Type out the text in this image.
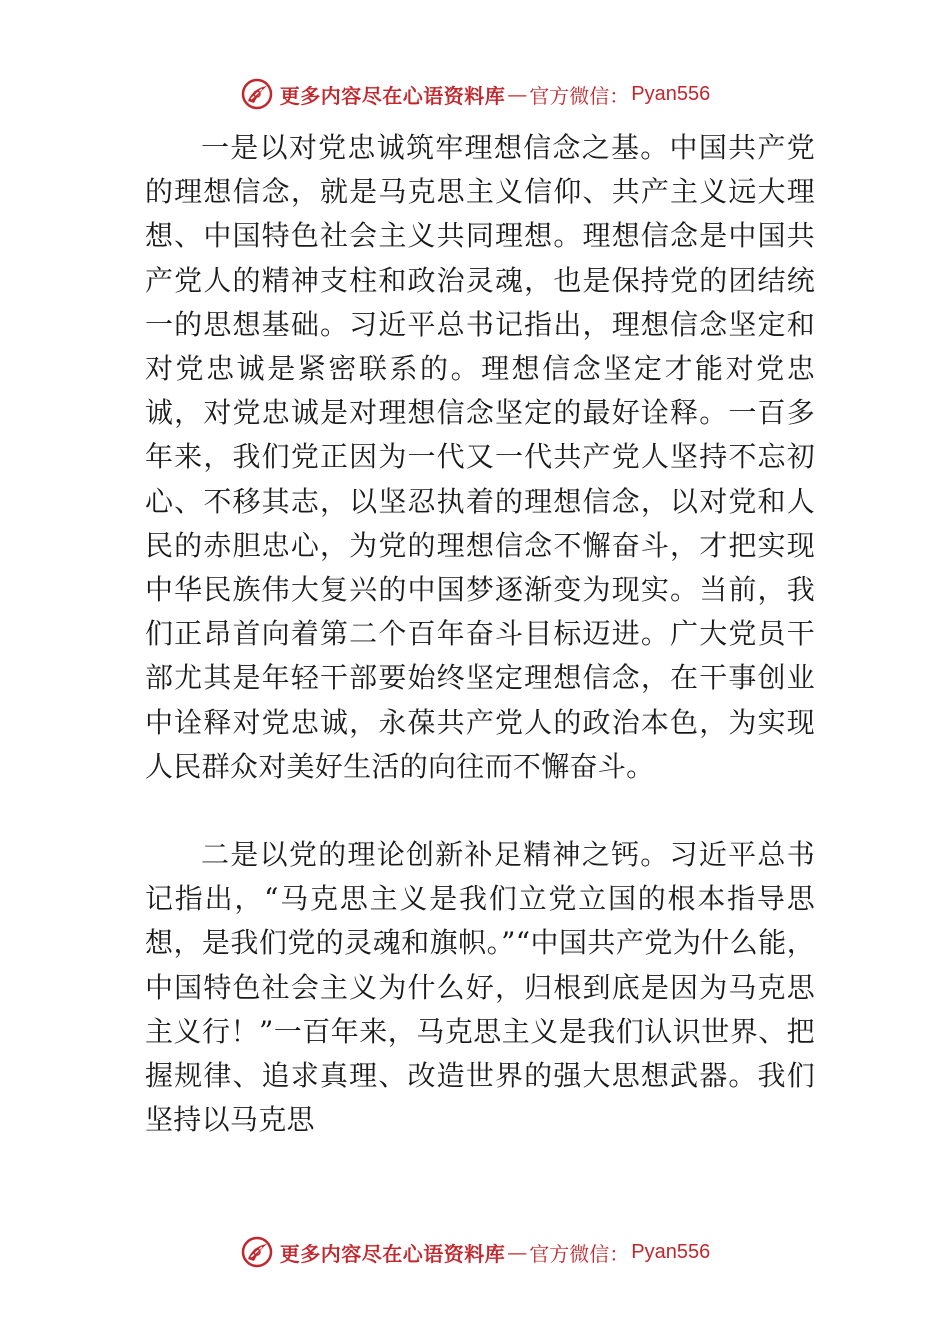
更多内容尽在心语资料库 — 官方微信： Pyan556

一是以对党忠诚筑牢理想信念之基。中国共产党的理想信念，就是马克思主义信仰、共产主义远大理想、中国特色社会主义共同理想。理想信念是中国共产党人的精神支柱和政治灵魂，也是保持党的团结统一的思想基础。习近平总书记指出，理想信念坚定和对党忠诚是紧密联系的。理想信念坚定才能对党忠诚，对党忠诚是对理想信念坚定的最好诠释。一百多年来，我们党正因为一代又一代共产党人坚持不忘初心、不移其志，以坚忍执着的理想信念，以对党和人民的赤胆忠心，为党的理想信念不懈奋斗，才把实现中华民族伟大复兴的中国梦逐渐变为现实。当前，我们正昂首向着第二个百年奋斗目标迈进。广大党员干部尤其是年轻干部要始终坚定理想信念，在干事创业中诠释对党忠诚，永葆共产党人的政治本色，为实现人民群众对美好生活的向往而不懈奋斗。

二是以党的理论创新补足精神之钙。习近平总书记指出，“马克思主义是我们立党立国的根本指导思想，是我们党的灵魂和旗帜。”“中国共产党为什么能，中国特色社会主义为什么好，归根到底是因为马克思主义行！”一百年来，马克思主义是我们认识世界、把握规律、追求真理、改造世界的强大思想武器。我们坚持以马克思

更多内容尽在心语资料库 — 官方微信： Pyan556
